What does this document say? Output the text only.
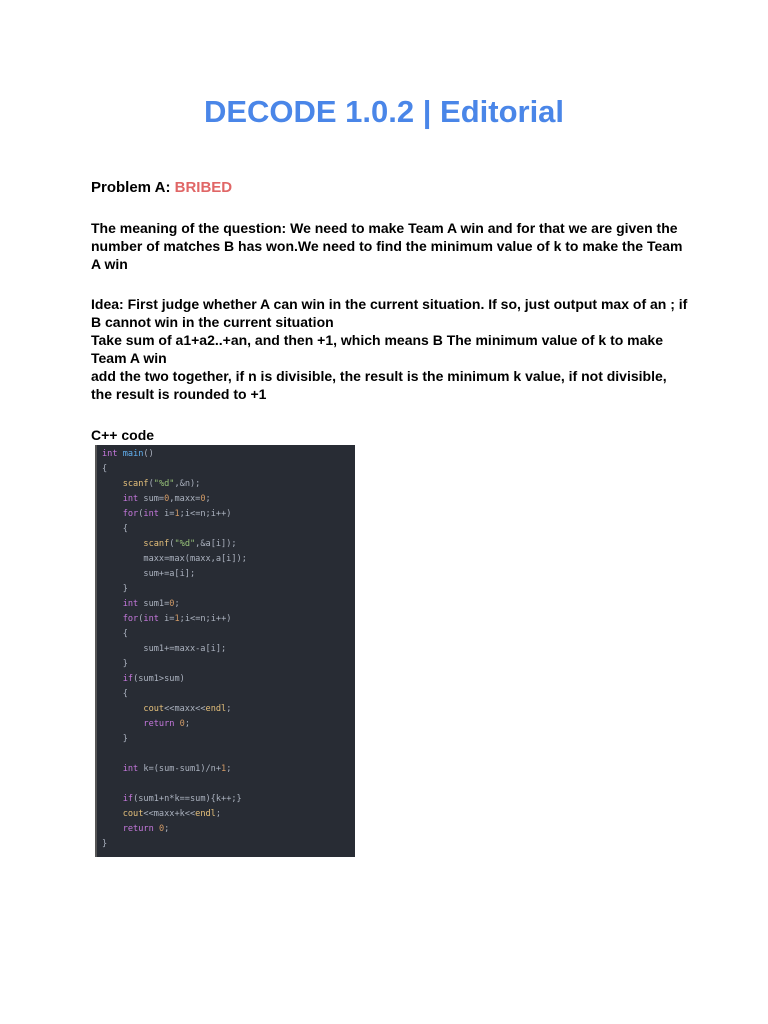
DECODE 1.0.2 | Editorial
Problem A: BRIBED
The meaning of the question: We need to make Team A win and for that we are given the number of matches B has won.We need to find the minimum value of k to make the Team A win
Idea: First judge whether A can win in the current situation. If so, just output max of an ; if B cannot win in the current situation
Take sum of a1+a2..+an, and then +1, which means B The minimum value of k to make Team A win
add the two together, if n is divisible, the result is the minimum k value, if not divisible, the result is rounded to +1
C++ code
int main()
{
scanf("%d",&n);
int sum=0,maxx=0;
for(int i=1;i<=n;i++)
{
scanf("%d",&a[i]);
maxx=max(maxx,a[i]);
sum+=a[i];
}
int sum1=0;
for(int i=1;i<=n;i++)
{
sum1+=maxx-a[i];
}
if(sum1>sum)
{
cout<<maxx<<endl;
return 0;
}
int k=(sum-sum1)/n+1;
if(sum1+n*k==sum){k++;}
cout<<maxx+k<<endl;
return 0;
}
